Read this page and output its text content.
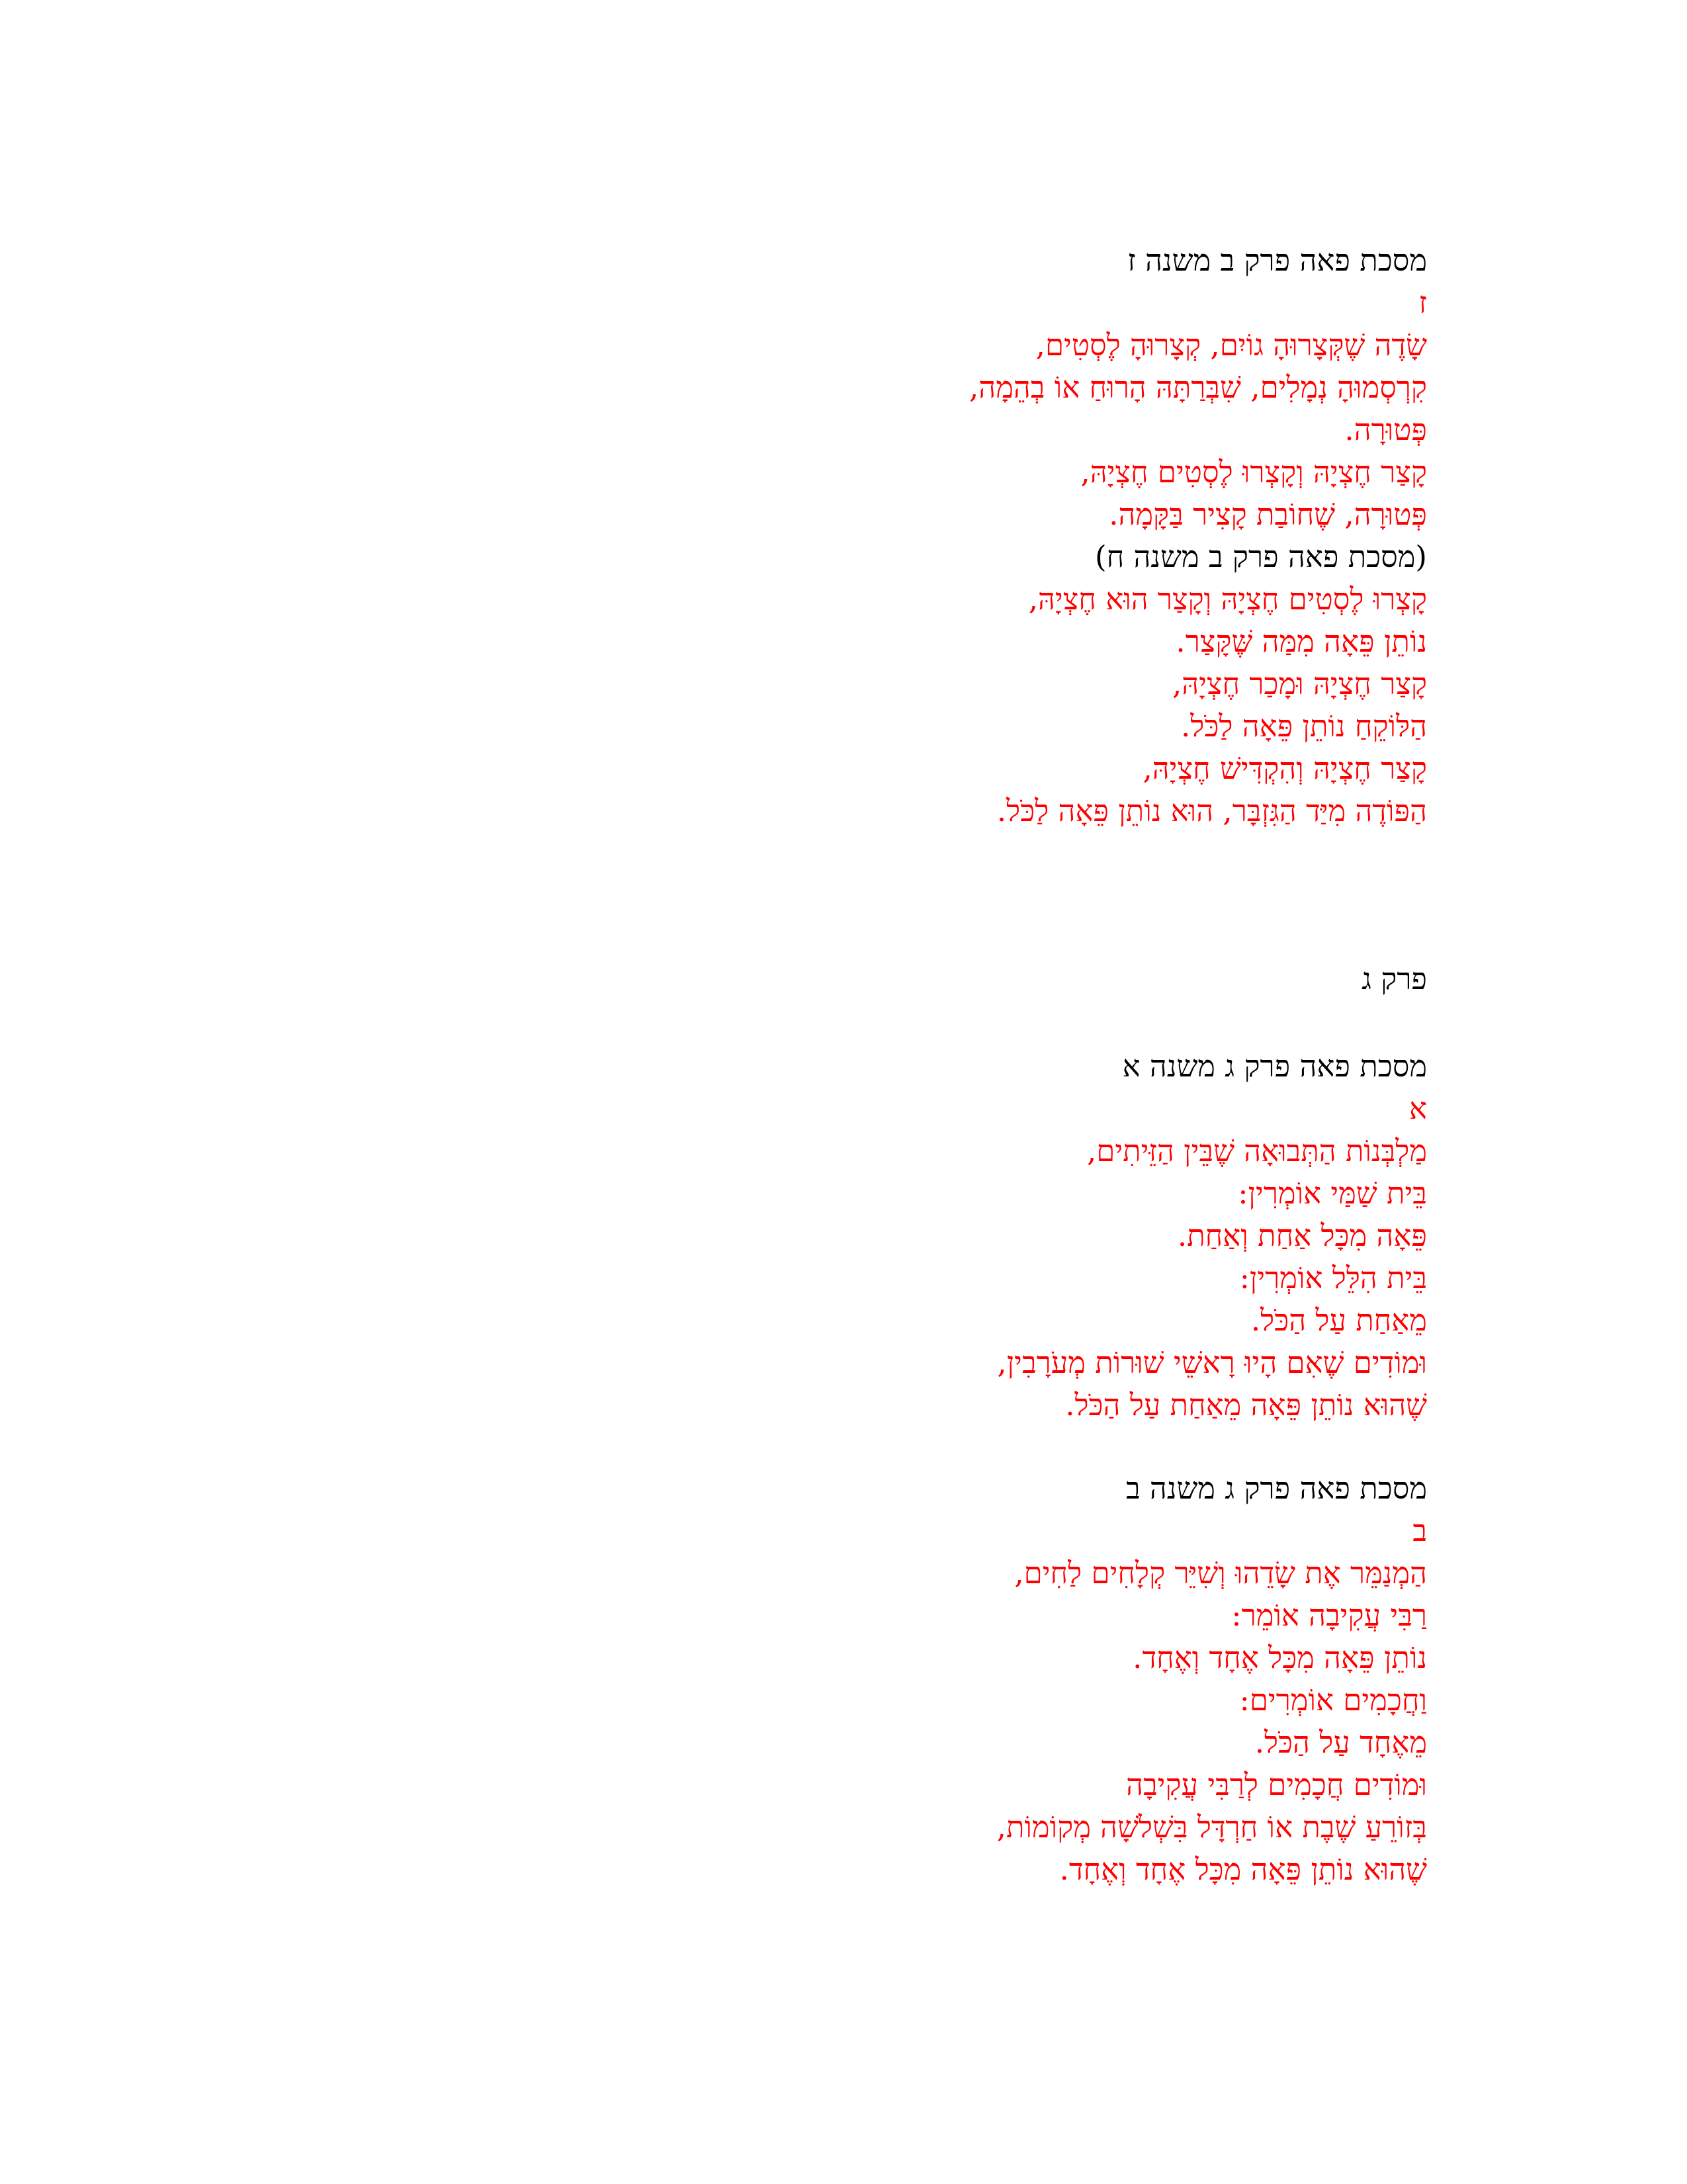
מסכת פאה פרק ב משנה ז
ז
שָׂדֶה שֶׁקְּצָרוּהָ גוֹיִם, קְצָרוּהָ לֶסְטִים,
קִרְסְמוּהָ נְמָלִים, שִׁבְּרַתָּהּ הָרוּחַ אוֹ בְהֵמָה,
פְּטוּרָה.
קָצַר חֶצְיָהּ וְקָצְרוּ לֶסְטִים חֶצְיָהּ,
פְּטוּרָה, שֶׁחוֹבַת קָצִיר בַּקָּמָה.
(מסכת פאה פרק ב משנה ח)
קָצְרוּ לֶסְטִים חֶצְיָהּ וְקָצַר הוּא חֶצְיָהּ,
נוֹתֵן פֵּאָה מִמַּה שֶּׁקָּצַר.
קָצַר חֶצְיָהּ וּמָכַר חֶצְיָהּ,
הַלּוֹקֵחַ נוֹתֵן פֵּאָה לַכֹּל.
קָצַר חֶצְיָהּ וְהִקְדִּישׁ חֶצְיָהּ,
הַפּוֹדֶה מִיַּד הַגִּזְבָּר, הוּא נוֹתֵן פֵּאָה לַכֹּל.
פרק ג
מסכת פאה פרק ג משנה א
א
מַלְבְּנוֹת הַתְּבוּאָה שֶׁבֵּין הַזֵּיתִים,
בֵּית שַׁמַּי אוֹמְרִין:
פֵּאָה מִכָּל אַחַת וְאַחַת.
בֵּית הִלֵּל אוֹמְרִין:
מֵאַחַת עַל הַכֹּל.
וּמוֹדִים שֶׁאִם הָיוּ רָאשֵׁי שׁוּרוֹת מְעֹרָבִין,
שֶׁהוּא נוֹתֵן פֵּאָה מֵאַחַת עַל הַכֹּל.
מסכת פאה פרק ג משנה ב
ב
הַמְנַמֵּר אֶת שָׂדֵהוּ וְשִׁיֵּר קְלָחִים לַחִים,
רַבִּי עֲקִיבָה אוֹמֵר:
נוֹתֵן פֵּאָה מִכָּל אֶחָד וְאֶחָד.
וַחֲכָמִים אוֹמְרִים:
מֵאֶחָד עַל הַכֹּל.
וּמוֹדִים חֲכָמִים לְרַבִּי עֲקִיבָה
בְּזוֹרֵעַ שֶׁבֶת אוֹ חַרְדָּל בִּשְׁלֹשָׁה מְקוֹמוֹת,
שֶׁהוּא נוֹתֵן פֵּאָה מִכָּל אֶחָד וְאֶחָד.
